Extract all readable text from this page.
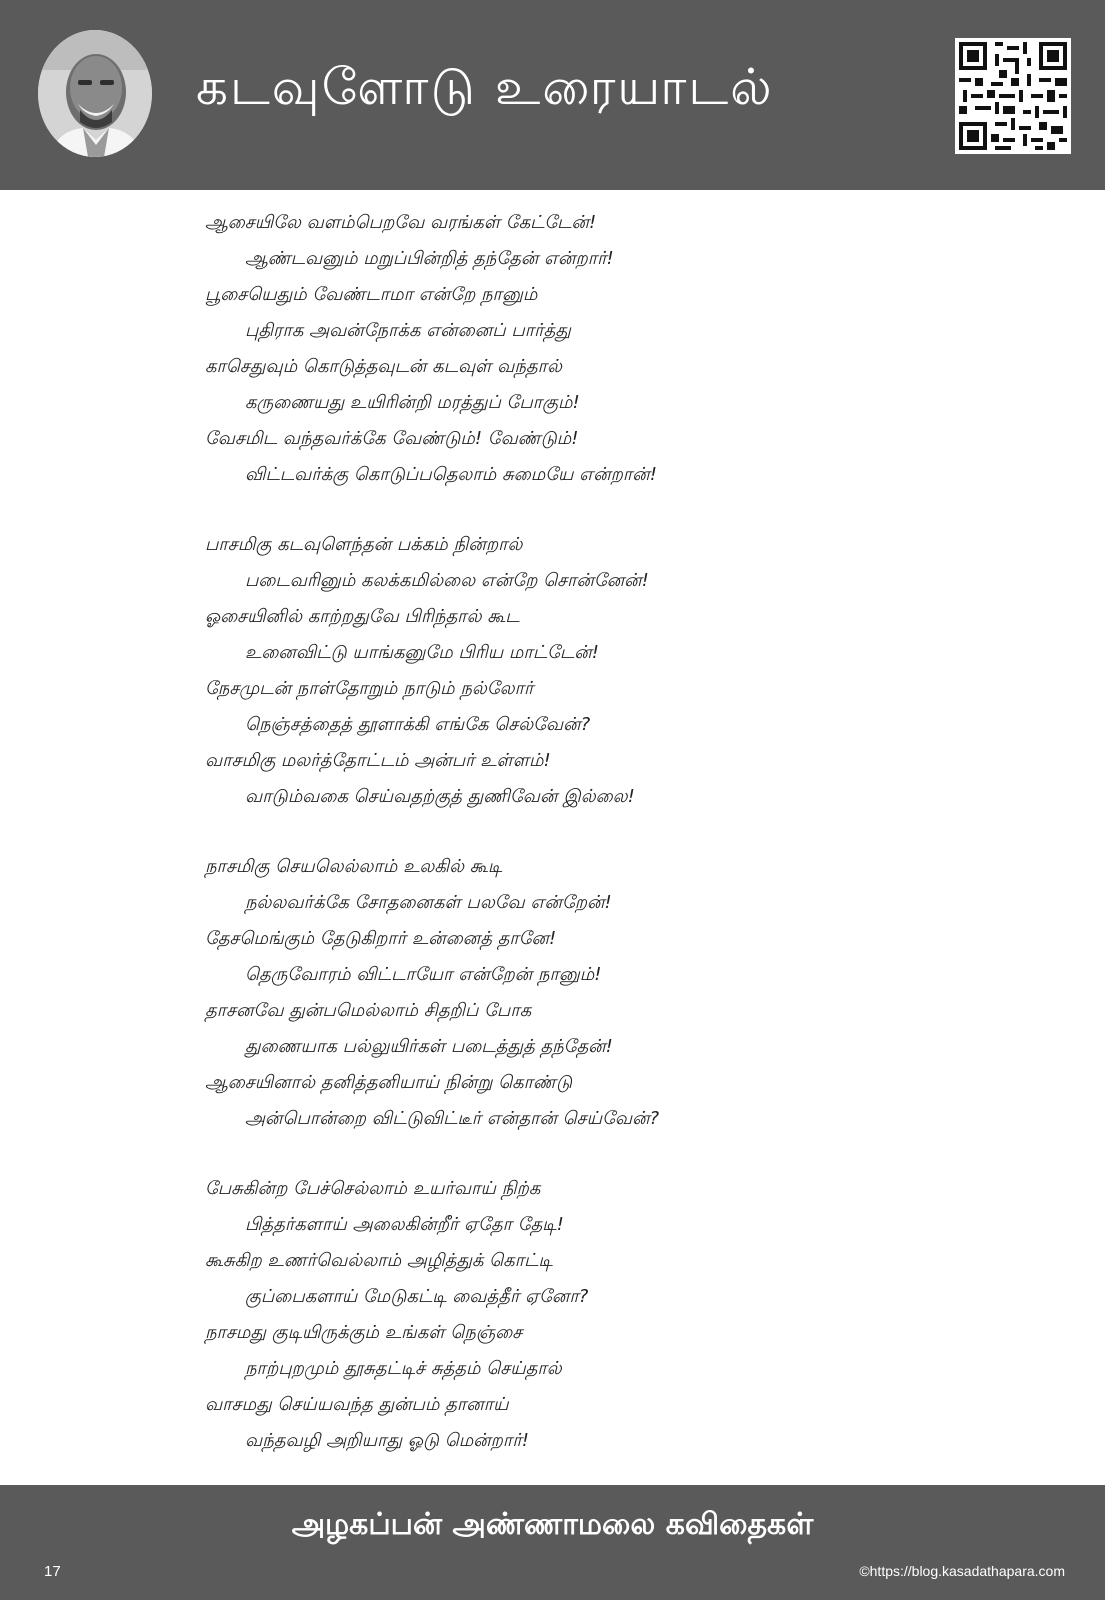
கடவுளோடு உரையாடல்
ஆசையிலே வளம்பெறவே வரங்கள் கேட்டேன்!
ஆண்டவனும் மறுப்பின்றித் தந்தேன் என்றார்!
பூசையெதும் வேண்டாமா என்றே நானும்
புதிராக அவன்நோக்க என்னைப் பார்த்து
காசெதுவும் கொடுத்தவுடன் கடவுள் வந்தால்
கருணையது உயிரின்றி மரத்துப் போகும்!
வேசமிட வந்தவர்க்கே வேண்டும்! வேண்டும்!
விட்டவர்க்கு கொடுப்பதெலாம் சுமையே என்றான்!
பாசமிகு கடவுளெந்தன் பக்கம் நின்றால்
படைவரினும் கலக்கமில்லை என்றே சொன்னேன்!
ஓசையினில் காற்றதுவே பிரிந்தால் கூட
உனைவிட்டு யாங்கனுமே பிரிய மாட்டேன்!
நேசமுடன் நாள்தோறும் நாடும் நல்லோர்
நெஞ்சத்தைத் தூளாக்கி எங்கே செல்வேன்?
வாசமிகு மலர்த்தோட்டம் அன்பர் உள்ளம்!
வாடும்வகை செய்வதற்குத் துணிவேன் இல்லை!
நாசமிகு செயலெல்லாம் உலகில் கூடி
நல்லவர்க்கே சோதனைகள் பலவே என்றேன்!
தேசமெங்கும் தேடுகிறார் உன்னைத் தானே!
தெருவோரம் விட்டாயோ என்றேன் நானும்!
தாசனவே துன்பமெல்லாம் சிதறிப் போக
துணையாக பல்லுயிர்கள் படைத்துத் தந்தேன்!
ஆசையினால் தனித்தனியாய் நின்று கொண்டு
அன்பொன்றை விட்டுவிட்டீர் என்தான் செய்வேன்?
பேசுகின்ற பேச்செல்லாம் உயர்வாய் நிற்க
பித்தர்களாய் அலைகின்றீர் ஏதோ தேடி!
கூசுகிற உணர்வெல்லாம் அழித்துக் கொட்டி
குப்பைகளாய் மேடுகட்டி வைத்தீர் ஏனோ?
நாசமது குடியிருக்கும் உங்கள் நெஞ்சை
நாற்புறமும் தூசுதட்டிச் சுத்தம் செய்தால்
வாசமது செய்யவந்த துன்பம் தானாய்
வந்தவழி அறியாது ஓடு மென்றார்!
அழகப்பன் அண்ணாமலை கவிதைகள்
17	©https://blog.kasadathapara.com
